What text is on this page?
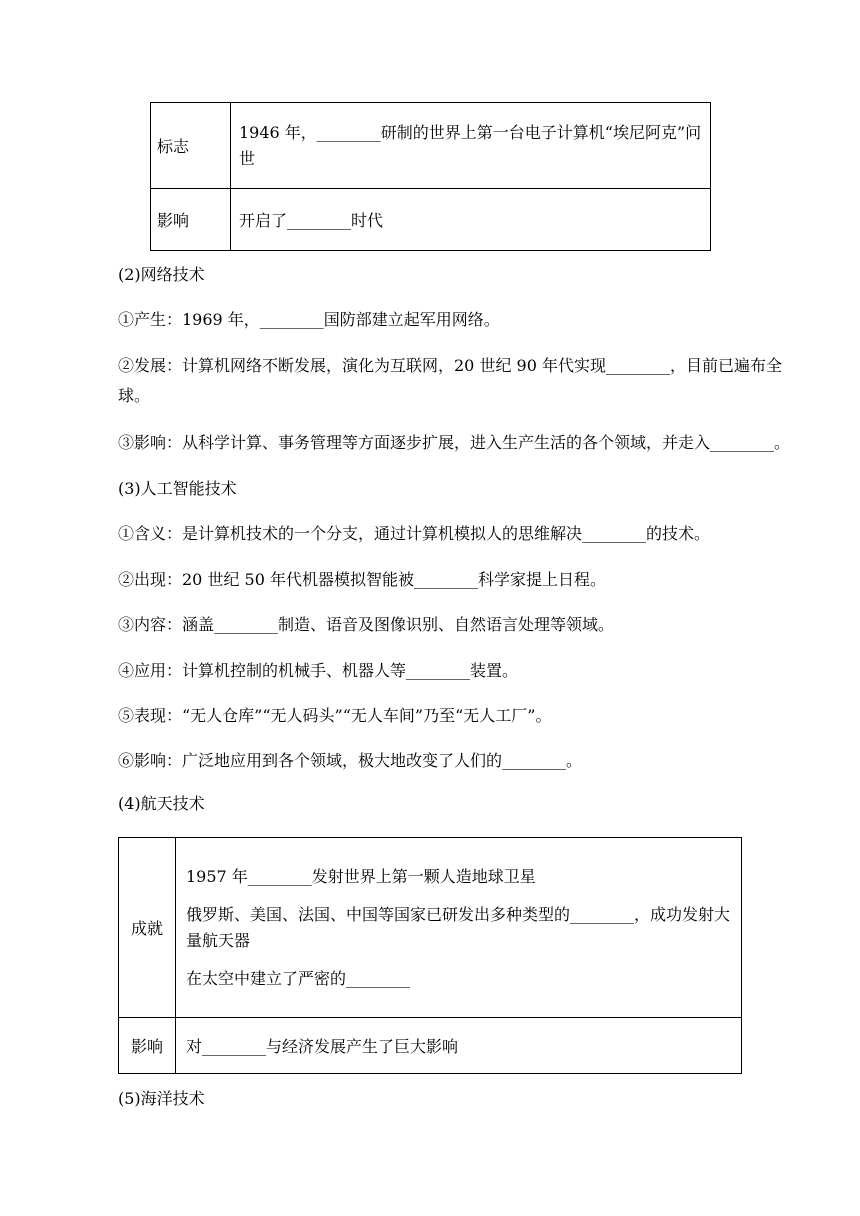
标志	1946 年，________研制的世界上第一台电子计算机“埃尼阿克”问世
影响	开启了________时代
(2)网络技术
①产生：1969 年，________国防部建立起军用网络。
②发展：计算机网络不断发展，演化为互联网，20 世纪 90 年代实现________，目前已遍布全球。
③影响：从科学计算、事务管理等方面逐步扩展，进入生产生活的各个领域，并走入________。
(3)人工智能技术
①含义：是计算机技术的一个分支，通过计算机模拟人的思维解决________的技术。
②出现：20 世纪 50 年代机器模拟智能被________科学家提上日程。
③内容：涵盖________制造、语音及图像识别、自然语言处理等领域。
④应用：计算机控制的机械手、机器人等________装置。
⑤表现：“无人仓库”“无人码头”“无人车间”乃至“无人工厂”。
⑥影响：广泛地应用到各个领域，极大地改变了人们的________。
(4)航天技术
成就	1957 年________发射世界上第一颗人造地球卫星
俄罗斯、美国、法国、中国等国家已研发出多种类型的________，成功发射大量航天器
在太空中建立了严密的________

影响	对________与经济发展产生了巨大影响
(5)海洋技术
